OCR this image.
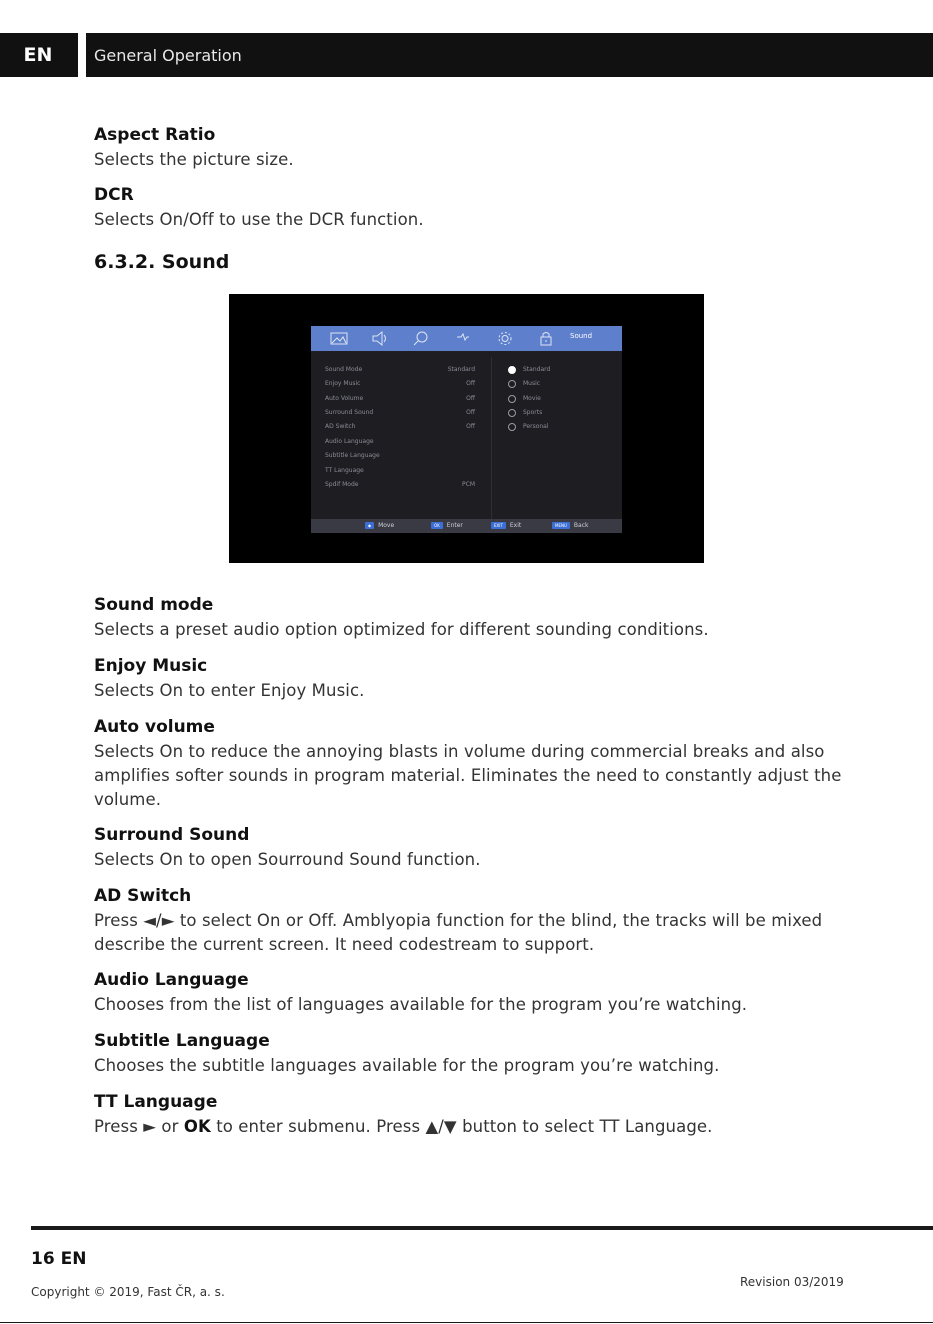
EN	General Operation
Aspect Ratio

Selects the picture size.

DCR

Selects On/Off to use the DCR function.

6.3.2. Sound
Sound
Sound Mode	Standard
Enjoy Music	Off
Auto Volume	Off
Surround Sound	Off
AD Switch	Off
Audio Language
Subtitle Language
TT Language
Spdif Mode	PCM
Standard
Music
Movie
Sports
Personal
◆ Move	OK Enter	EXIT Exit	MENU Back
Sound mode

Selects a preset audio option optimized for different sounding conditions.

Enjoy Music

Selects On to enter Enjoy Music.

Auto volume

Selects On to reduce the annoying blasts in volume during commercial breaks and also
amplifies softer sounds in program material. Eliminates the need to constantly adjust the
volume.

Surround Sound

Selects On to open Sourround Sound function.

AD Switch

Press ◄/► to select On or Off. Amblyopia function for the blind, the tracks will be mixed
describe the current screen. It need codestream to support.

Audio Language

Chooses from the list of languages available for the program you’re watching.

Subtitle Language

Chooses the subtitle languages available for the program you’re watching.

TT Language

Press ► or OK to enter submenu. Press ▲/▼ button to select TT Language.

16 EN
Revision 03/2019
Copyright © 2019, Fast ČR, a. s.
